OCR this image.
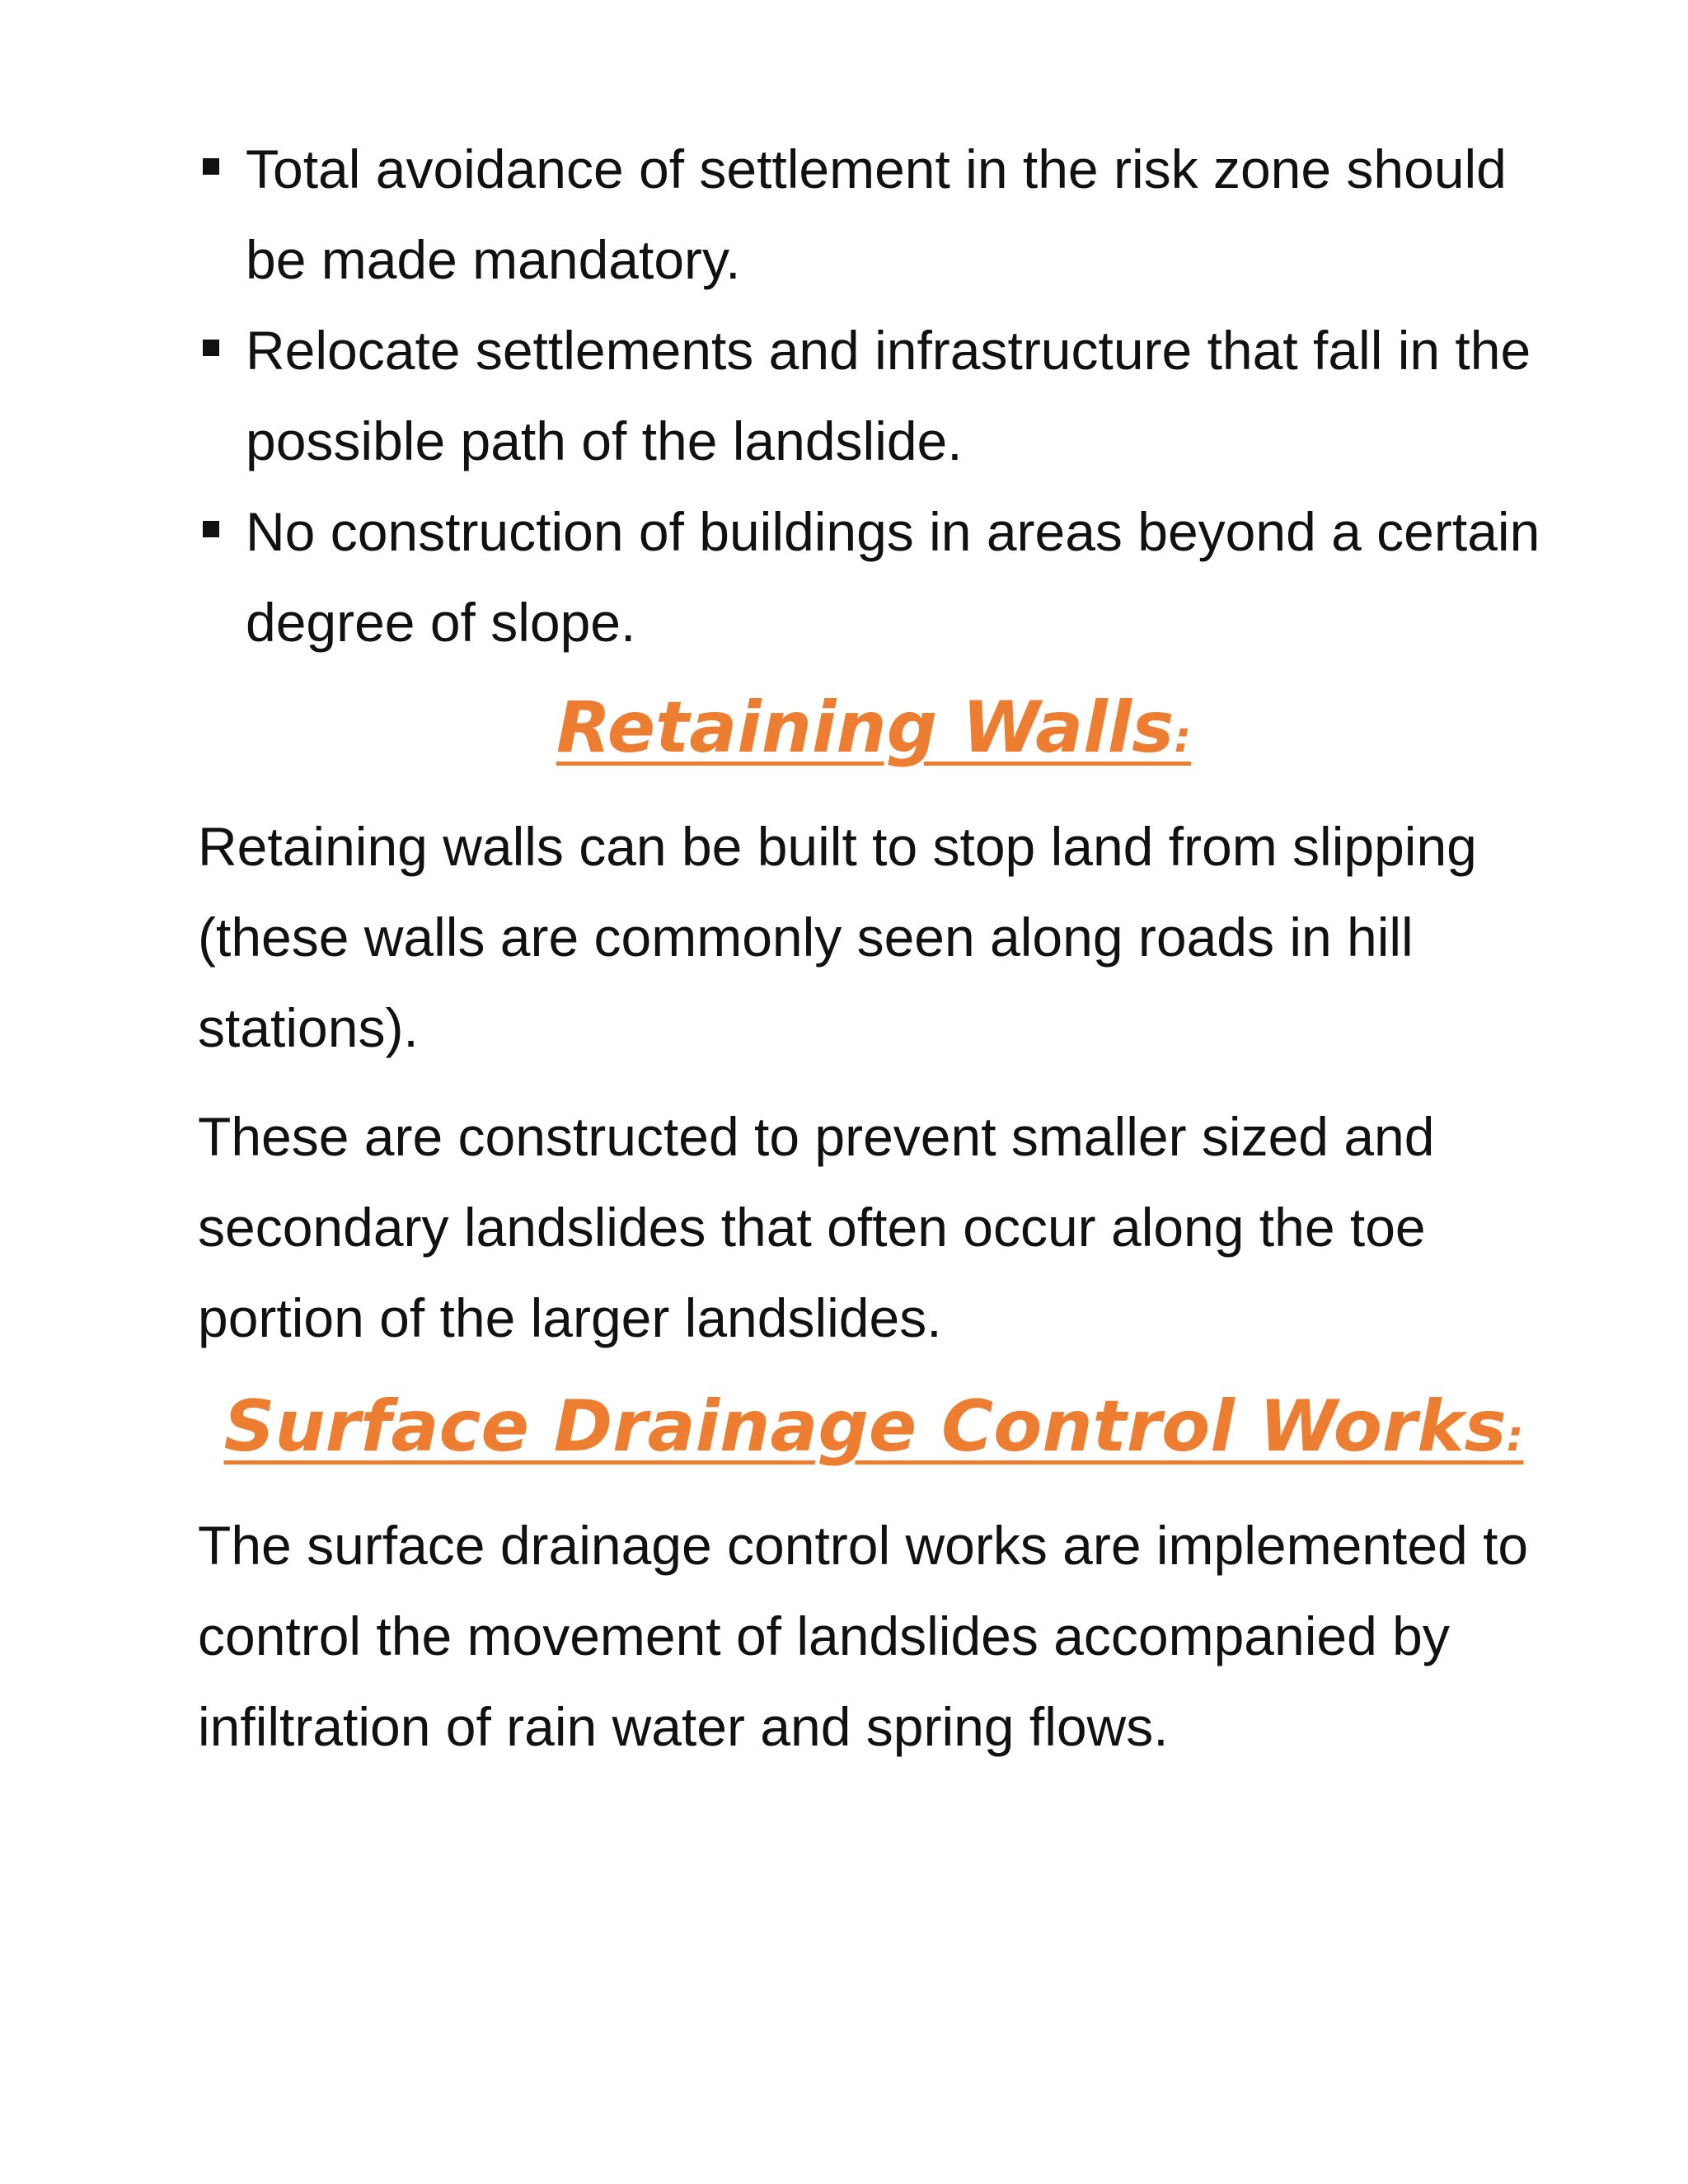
Total avoidance of settlement in the risk zone should be made mandatory.
Relocate settlements and infrastructure that fall in the possible path of the landslide.
No construction of buildings in areas beyond a certain degree of slope.
Retaining Walls:

Retaining walls can be built to stop land from slipping (these walls are commonly seen along roads in hill stations).

These are constructed to prevent smaller sized and secondary landslides that often occur along the toe portion of the larger landslides.

Surface Drainage Control Works:

The surface drainage control works are implemented to control the movement of landslides accompanied by infiltration of rain water and spring flows.
